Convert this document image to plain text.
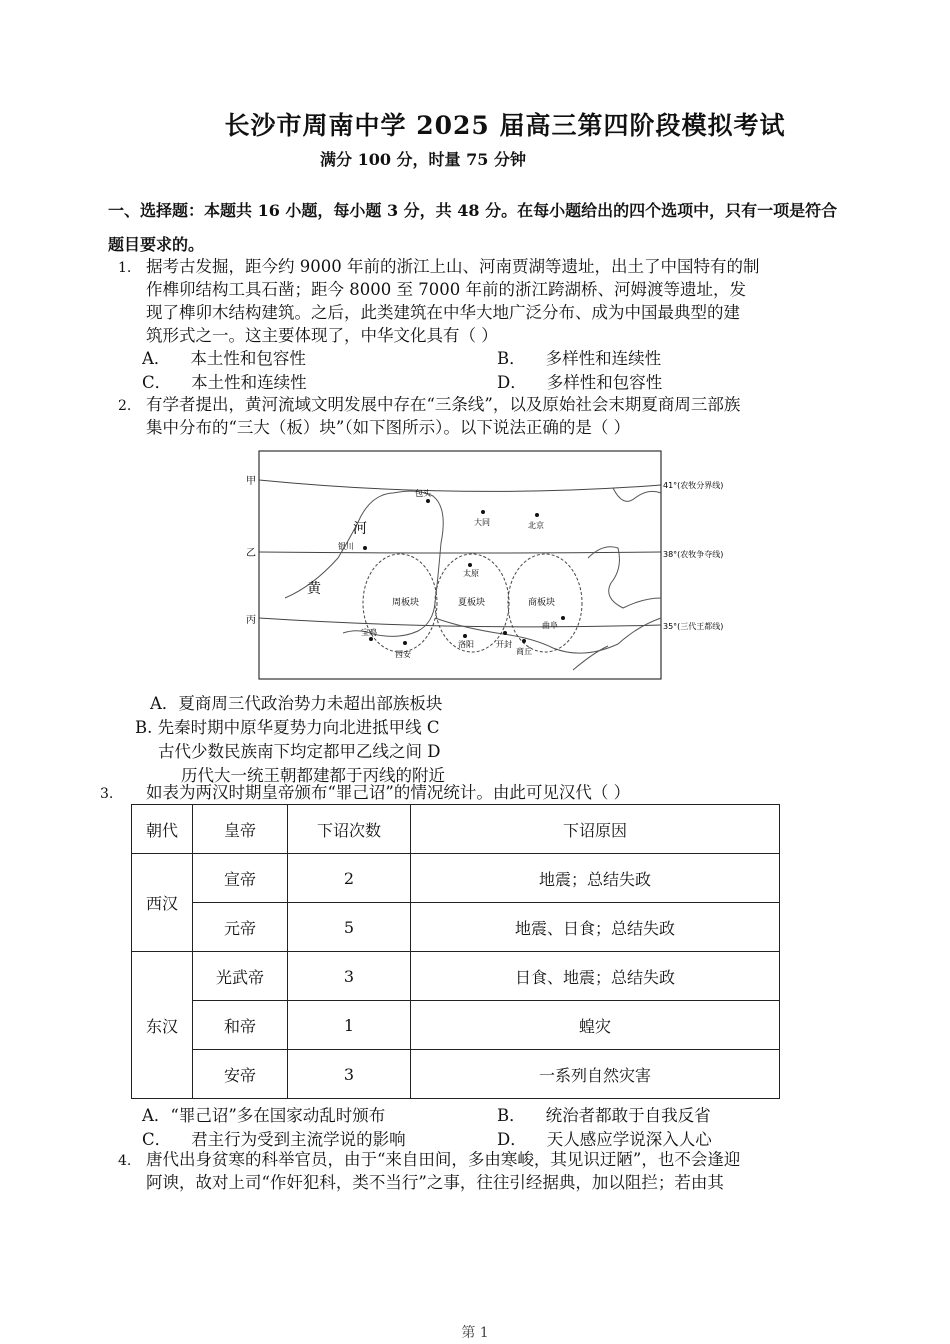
长沙市周南中学 2025 届高三第四阶段模拟考试
满分 100 分，时量 75 分钟
一、选择题：本题共 16 小题，每小题 3 分，共 48 分。在每小题给出的四个选项中，只有一项是符合题目要求的。
1. 据考古发掘，距今约 9000 年前的浙江上山、河南贾湖等遗址，出土了中国特有的制
作榫卯结构工具石凿；距今 8000 至 7000 年前的浙江跨湖桥、河姆渡等遗址，发
现了榫卯木结构建筑。之后，此类建筑在中华大地广泛分布、成为中国最典型的建
筑形式之一。这主要体现了，中华文化具有（ ）
A． 本土性和包容性	B． 多样性和连续性
C． 本土性和连续性	D． 多样性和包容性
2. 有学者提出，黄河流域文明发展中存在“三条线”，以及原始社会末期夏商周三部族
集中分布的“三大（板）块”（如下图所示）。以下说法正确的是（ ）
周板块	夏板块	商板块
甲
乙
丙
41°(农牧分界线)
38°(农牧争夺线)
35°(三代王都线)
河
黄
包头
大同	北京
银川
太原
曲阜
宝鸡
西安
洛阳	开封
商丘
A．夏商周三代政治势力未超出部族板块
B. 先秦时期中原华夏势力向北进抵甲线 C
古代少数民族南下均定都甲乙线之间 D
历代大一统王朝都建都于丙线的附近
3. 如表为两汉时期皇帝颁布“罪己诏”的情况统计。由此可见汉代（ ）
朝代	皇帝	下诏次数	下诏原因
西汉	宣帝	2	地震；总结失政
	元帝	5	地震、日食；总结失政
东汉	光武帝	3	日食、地震；总结失政
	和帝	1	蝗灾
	安帝	3	一系列自然灾害
A．“罪己诏”多在国家动乱时颁布	B． 统治者都敢于自我反省
C． 君主行为受到主流学说的影响	D． 天人感应学说深入人心
4. 唐代出身贫寒的科举官员，由于“来自田间，多由寒峻，其见识迂陋”，也不会逢迎
阿谀，故对上司“作奸犯科，类不当行”之事，往往引经据典，加以阻拦；若由其
第 1
